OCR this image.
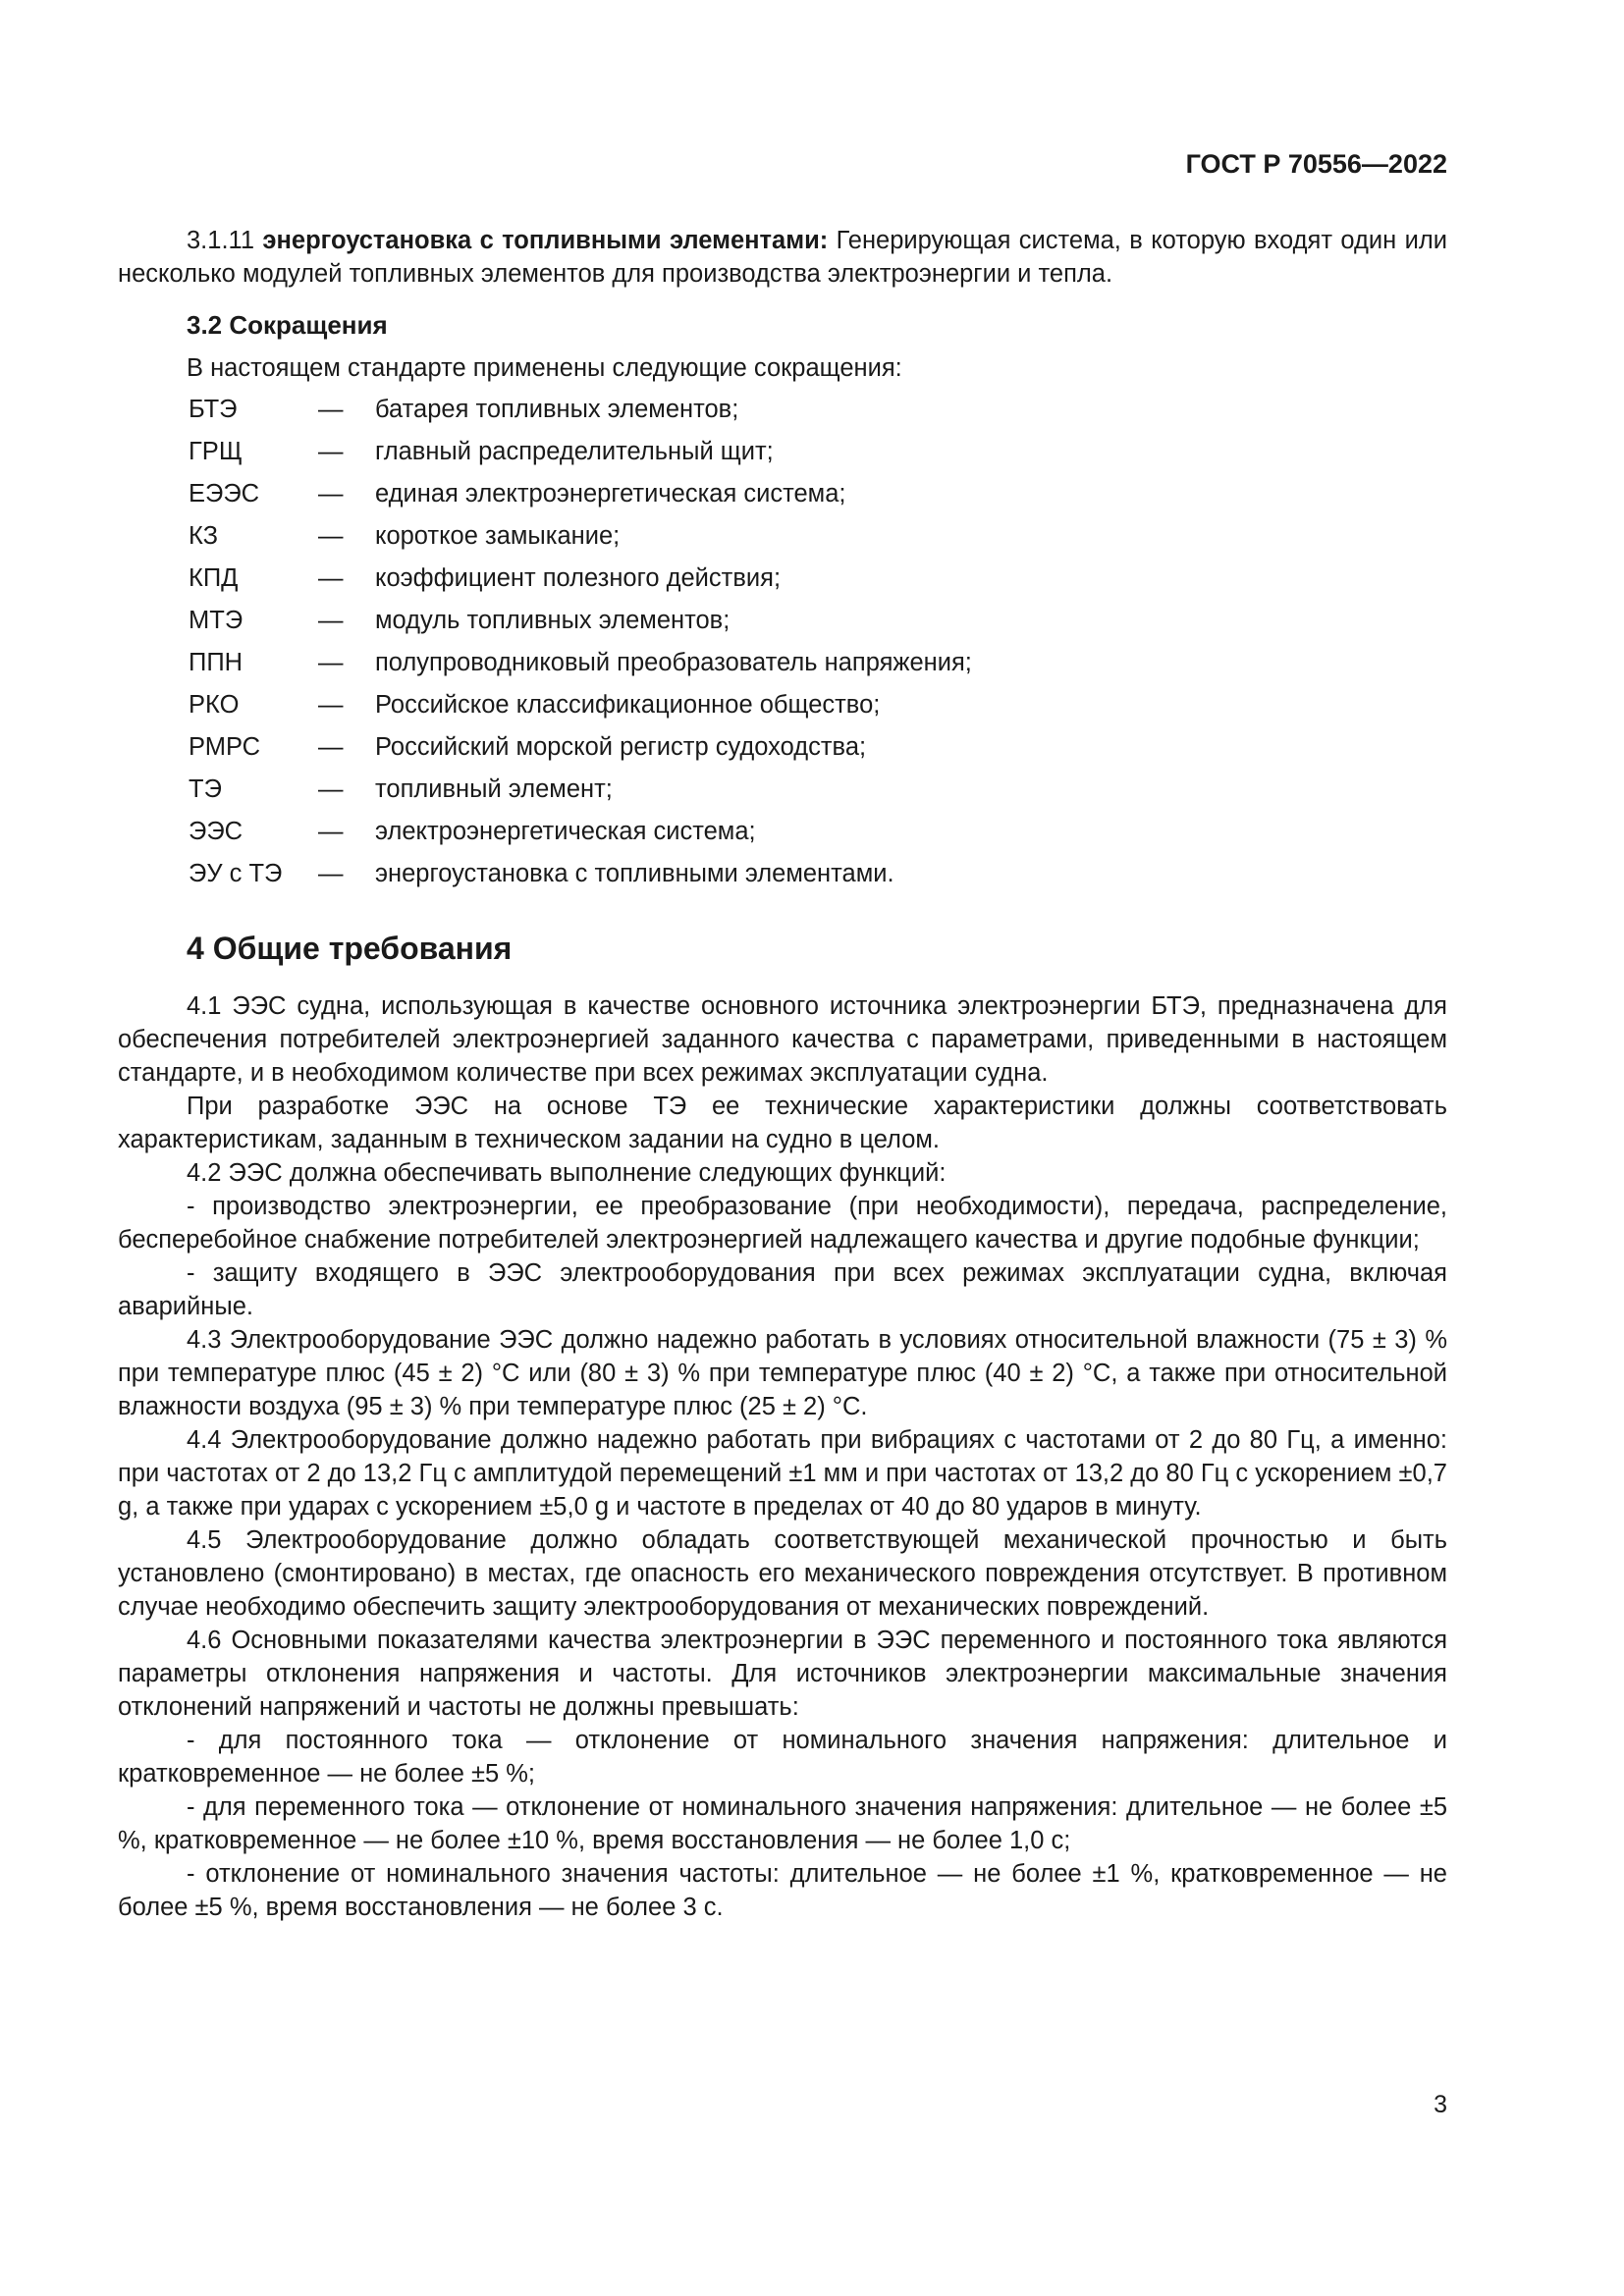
ГОСТ Р 70556—2022

3.1.11 энергоустановка с топливными элементами: Генерирующая система, в которую входят один или несколько модулей топливных элементов для производства электроэнергии и тепла.

3.2 Сокращения
В настоящем стандарте применены следующие сокращения:
БТЭ	—	батарея топливных элементов;
ГРЩ	—	главный распределительный щит;
ЕЭЭС	—	единая электроэнергетическая система;
КЗ	—	короткое замыкание;
КПД	—	коэффициент полезного действия;
МТЭ	—	модуль топливных элементов;
ППН	—	полупроводниковый преобразователь напряжения;
РКО	—	Российское классификационное общество;
РМРС	—	Российский морской регистр судоходства;
ТЭ	—	топливный элемент;
ЭЭС	—	электроэнергетическая система;
ЭУ с ТЭ	—	энергоустановка с топливными элементами.
4 Общие требования

4.1 ЭЭС судна, использующая в качестве основного источника электроэнергии БТЭ, предназначена для обеспечения потребителей электроэнергией заданного качества с параметрами, приведенными в настоящем стандарте, и в необходимом количестве при всех режимах эксплуатации судна.

При разработке ЭЭС на основе ТЭ ее технические характеристики должны соответствовать характеристикам, заданным в техническом задании на судно в целом.

4.2 ЭЭС должна обеспечивать выполнение следующих функций:

- производство электроэнергии, ее преобразование (при необходимости), передача, распределение, бесперебойное снабжение потребителей электроэнергией надлежащего качества и другие подобные функции;

- защиту входящего в ЭЭС электрооборудования при всех режимах эксплуатации судна, включая аварийные.

4.3 Электрооборудование ЭЭС должно надежно работать в условиях относительной влажности (75 ± 3) % при температуре плюс (45 ± 2) °С или (80 ± 3) % при температуре плюс (40 ± 2) °С, а также при относительной влажности воздуха (95 ± 3) % при температуре плюс (25 ± 2) °С.

4.4 Электрооборудование должно надежно работать при вибрациях с частотами от 2 до 80 Гц, а именно: при частотах от 2 до 13,2 Гц с амплитудой перемещений ±1 мм и при частотах от 13,2 до 80 Гц с ускорением ±0,7 g, а также при ударах с ускорением ±5,0 g и частоте в пределах от 40 до 80 ударов в минуту.

4.5 Электрооборудование должно обладать соответствующей механической прочностью и быть установлено (смонтировано) в местах, где опасность его механического повреждения отсутствует. В противном случае необходимо обеспечить защиту электрооборудования от механических повреждений.

4.6 Основными показателями качества электроэнергии в ЭЭС переменного и постоянного тока являются параметры отклонения напряжения и частоты. Для источников электроэнергии максимальные значения отклонений напряжений и частоты не должны превышать:

- для постоянного тока — отклонение от номинального значения напряжения: длительное и кратковременное — не более ±5 %;

- для переменного тока — отклонение от номинального значения напряжения: длительное — не более ±5 %, кратковременное — не более ±10 %, время восстановления — не более 1,0 с;

- отклонение от номинального значения частоты: длительное — не более ±1 %, кратковременное — не более ±5 %, время восстановления — не более 3 с.

3
